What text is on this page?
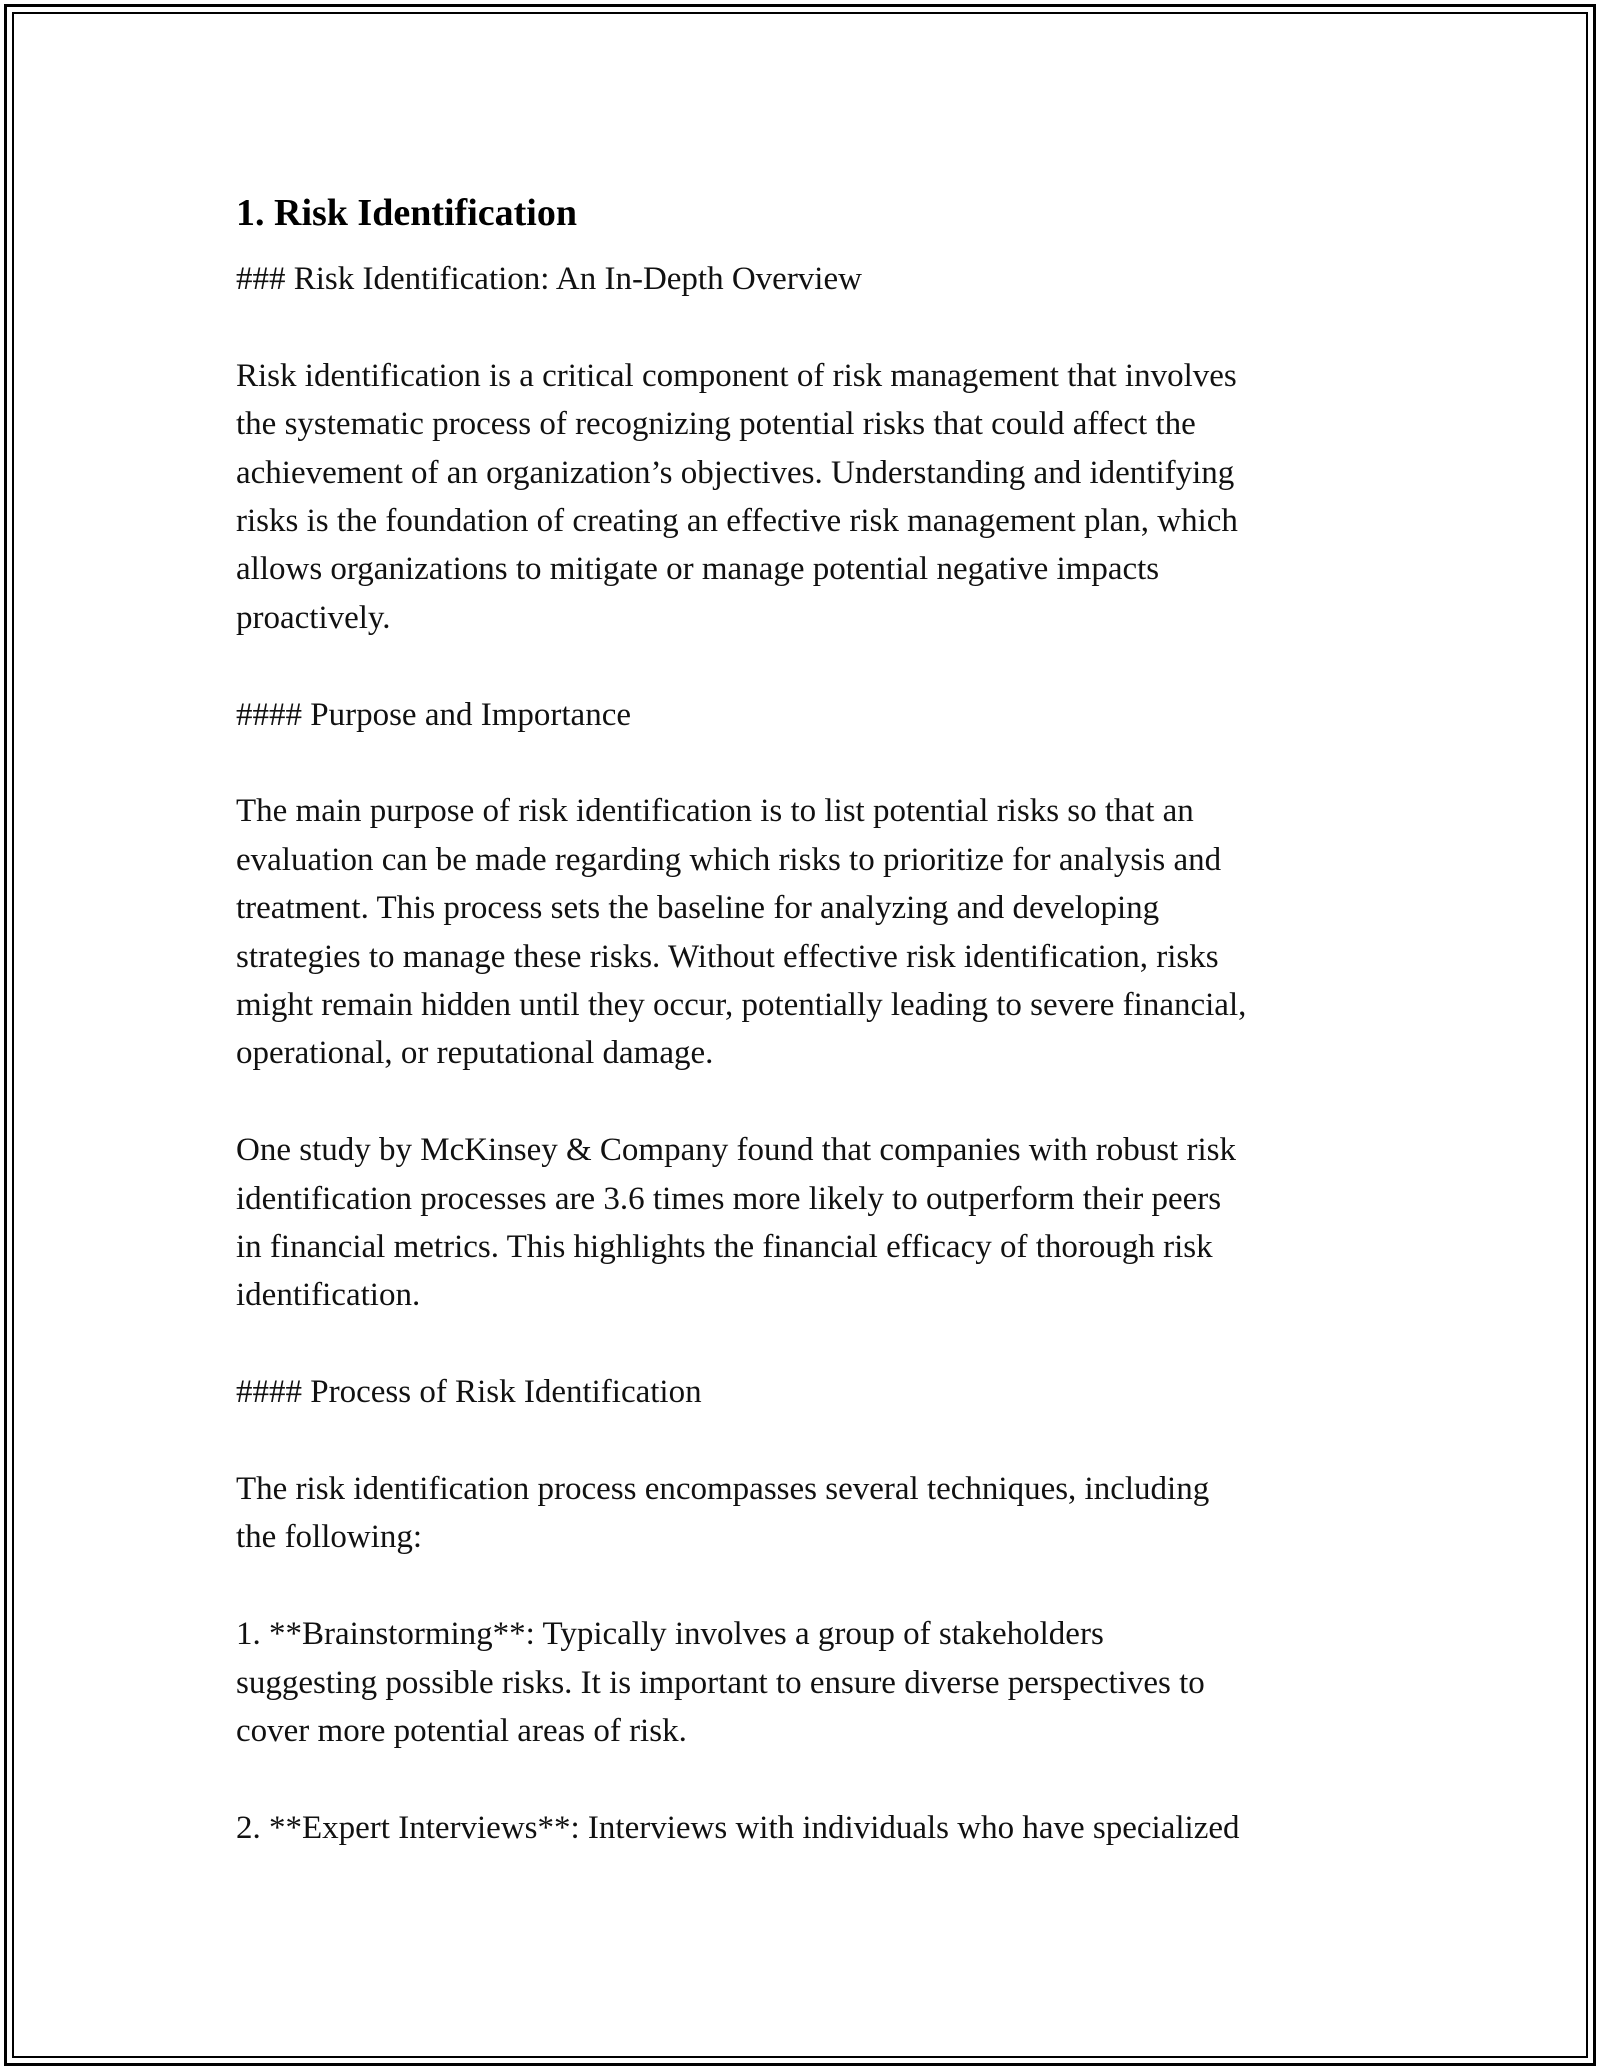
1. Risk Identification

### Risk Identification: An In-Depth Overview

Risk identification is a critical component of risk management that involves

the systematic process of recognizing potential risks that could affect the

achievement of an organization’s objectives. Understanding and identifying

risks is the foundation of creating an effective risk management plan, which

allows organizations to mitigate or manage potential negative impacts

proactively.

#### Purpose and Importance

The main purpose of risk identification is to list potential risks so that an

evaluation can be made regarding which risks to prioritize for analysis and

treatment. This process sets the baseline for analyzing and developing

strategies to manage these risks. Without effective risk identification, risks

might remain hidden until they occur, potentially leading to severe financial,

operational, or reputational damage.

One study by McKinsey & Company found that companies with robust risk

identification processes are 3.6 times more likely to outperform their peers

in financial metrics. This highlights the financial efficacy of thorough risk

identification.

#### Process of Risk Identification

The risk identification process encompasses several techniques, including

the following:

1. **Brainstorming**: Typically involves a group of stakeholders

suggesting possible risks. It is important to ensure diverse perspectives to

cover more potential areas of risk.

2. **Expert Interviews**: Interviews with individuals who have specialized
